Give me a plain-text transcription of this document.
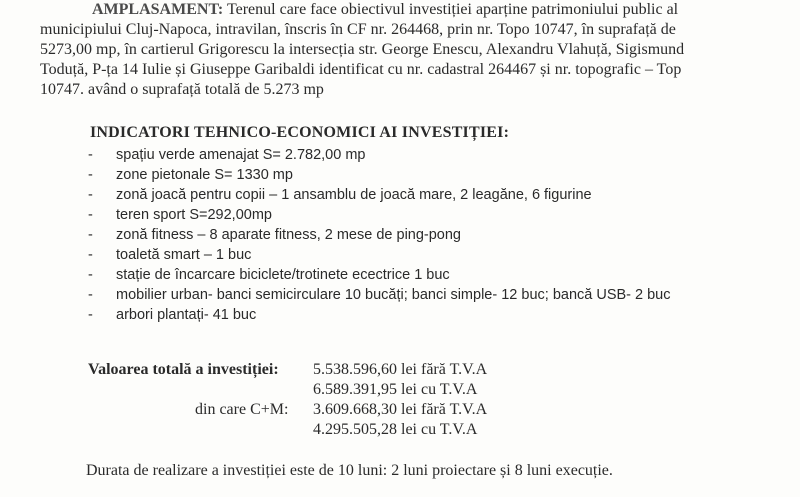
AMPLASAMENT: Terenul care face obiectivul investiției aparține patrimoniului public al
municipiului Cluj-Napoca, intravilan, înscris în CF nr. 264468, prin nr. Topo 10747, în suprafață de
5273,00 mp, în cartierul Grigorescu la intersecția str. George Enescu, Alexandru Vlahuță, Sigismund
Toduță, P-ța 14 Iulie și Giuseppe Garibaldi identificat cu nr. cadastral 264467 și nr. topografic – Top
10747. având o suprafață totală de 5.273 mp
INDICATORI TEHNICO-ECONOMICI AI INVESTIȚIEI:
-	spațiu verde amenajat S= 2.782,00 mp
-	zone pietonale S= 1330 mp
-	zonă joacă pentru copii – 1 ansamblu de joacă mare, 2 leagăne, 6 figurine
-	teren sport S=292,00mp
-	zonă fitness – 8 aparate fitness, 2 mese de ping-pong
-	toaletă smart – 1 buc
-	stație de încarcare biciclete/trotinete ecectrice 1 buc
-	mobilier urban- banci semicirculare 10 bucăți; banci simple- 12 buc; bancă USB- 2 buc
-	arbori plantați- 41 buc
Valoarea totală a investiției: 5.538.596,60 lei fără T.V.A
6.589.391,95 lei cu T.V.A
din care C+M: 3.609.668,30 lei fără T.V.A
4.295.505,28 lei cu T.V.A
Durata de realizare a investiției este de 10 luni: 2 luni proiectare și 8 luni execuție.
